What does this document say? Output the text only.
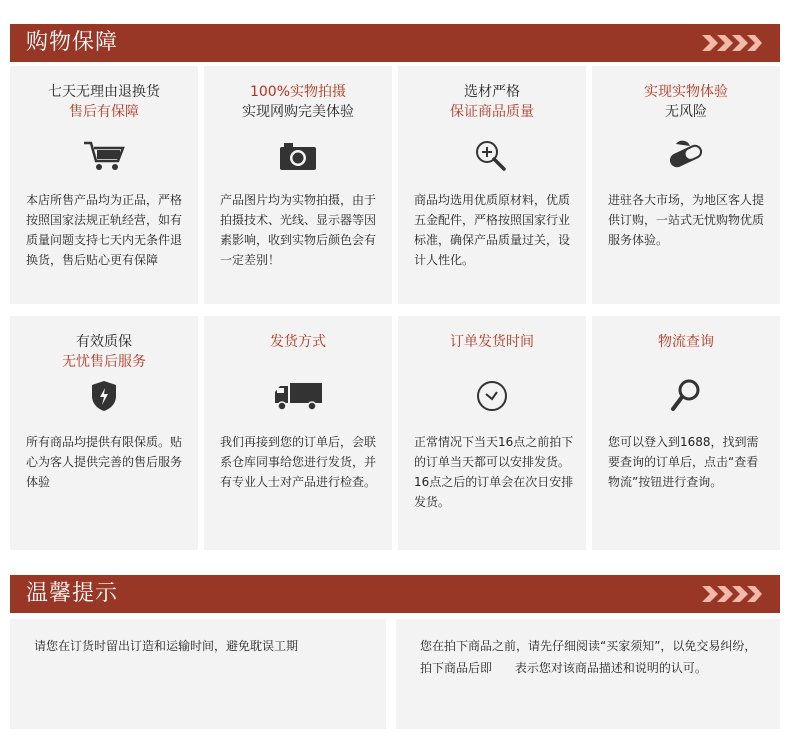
购物保障
七天无理由退换货
售后有保障
本店所售产品均为正品，严格按照国家法规正轨经营，如有质量问题支持七天内无条件退换货，售后贴心更有保障
100%实物拍摄
实现网购完美体验
产品图片均为实物拍摄，由于拍摄技术、光线、显示器等因素影响，收到实物后颜色会有一定差别！
选材严格
保证商品质量
商品均选用优质原材料，优质五金配件，严格按照国家行业标准，确保产品质量过关，设计人性化。
实现实物体验
无风险
进驻各大市场，为地区客人提供订购，一站式无忧购物优质服务体验。
有效质保
无忧售后服务
所有商品均提供有限保质。贴心为客人提供完善的售后服务体验
发货方式
我们再接到您的订单后，会联系仓库同事给您进行发货，并有专业人士对产品进行检查。
订单发货时间
正常情况下当天16点之前拍下的订单当天都可以安排发货。16点之后的订单会在次日安排发货。
物流查询
您可以登入到1688，找到需要查询的订单后，点击“查看物流”按钮进行查询。
温馨提示
请您在订货时留出订造和运输时间，避免耽误工期	您在拍下商品之前，请先仔细阅读“买家须知”，以免交易纠纷，拍下商品后即      表示您对该商品描述和说明的认可。
